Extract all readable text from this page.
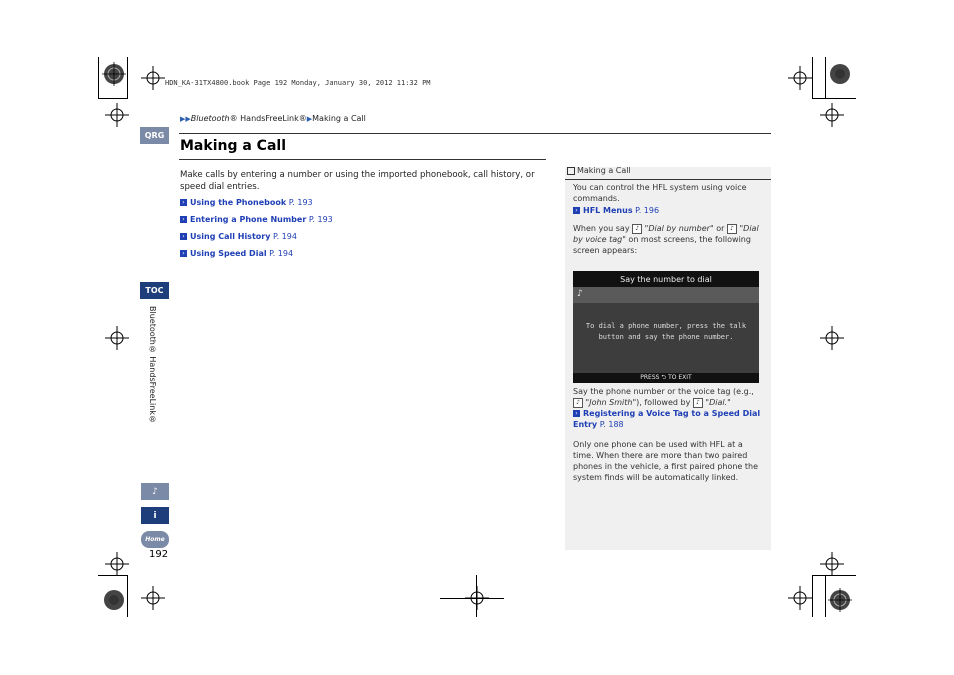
HDN_KA-31TX4800.book Page 192 Monday, January 30, 2012 11:32 PM
▶▶Bluetooth® HandsFreeLink®▶Making a Call
QRG
TOC
Bluetooth® HandsFreeLink®
Making a Call
Make calls by entering a number or using the imported phonebook, call history, or speed dial entries.
› Using the Phonebook P. 193
› Entering a Phone Number P. 193
› Using Call History P. 194
› Using Speed Dial P. 194
Making a Call
You can control the HFL system using voice commands.
› HFL Menus P. 196
When you say ♪ "Dial by number" or ♪ "Dial by voice tag" on most screens, the following screen appears:
Say the number to dial
♪
To dial a phone number, press the talk
button and say the phone number.
PRESS ⮌ TO EXIT
Say the phone number or the voice tag (e.g.,
♪ "John Smith"), followed by ♪ "Dial."
› Registering a Voice Tag to a Speed Dial
Entry P. 188
Only one phone can be used with HFL at a time. When there are more than two paired phones in the vehicle, a first paired phone the system finds will be automatically linked.
♪
i
Home
192
